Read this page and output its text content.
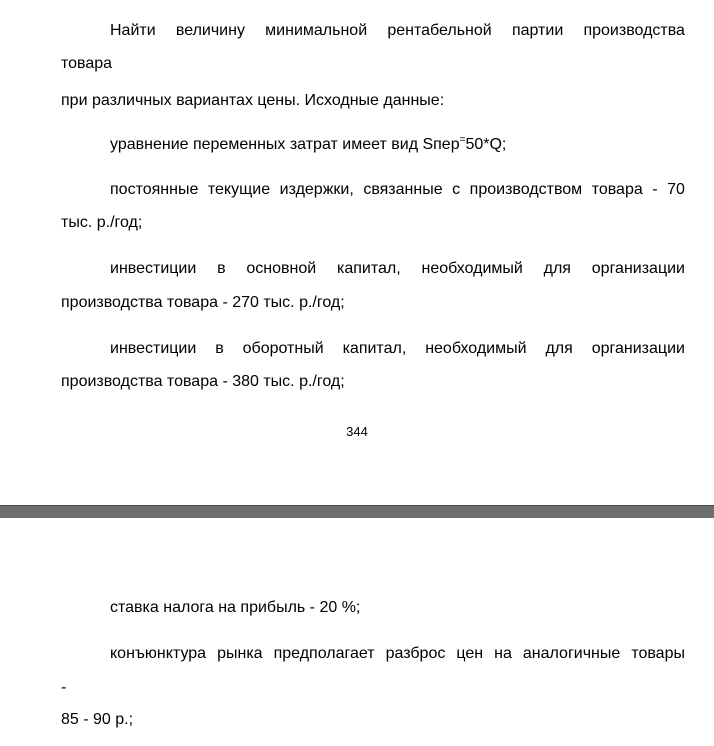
Найти величину минимальной рентабельной партии производства
товара
при различных вариантах цены. Исходные данные:
уравнение переменных затрат имеет вид Sпер=50*Q;
постоянные текущие издержки, связанные с производством товара - 70
тыс. р./год;
инвестиции в основной капитал, необходимый для организации
производства товара - 270 тыс. р./год;
инвестиции в оборотный капитал, необходимый для организации
производства товара - 380 тыс. р./год;
344
ставка налога на прибыль - 20 %;
конъюнктура рынка предполагает разброс цен на аналогичные товары
-
85 - 90 р.;
